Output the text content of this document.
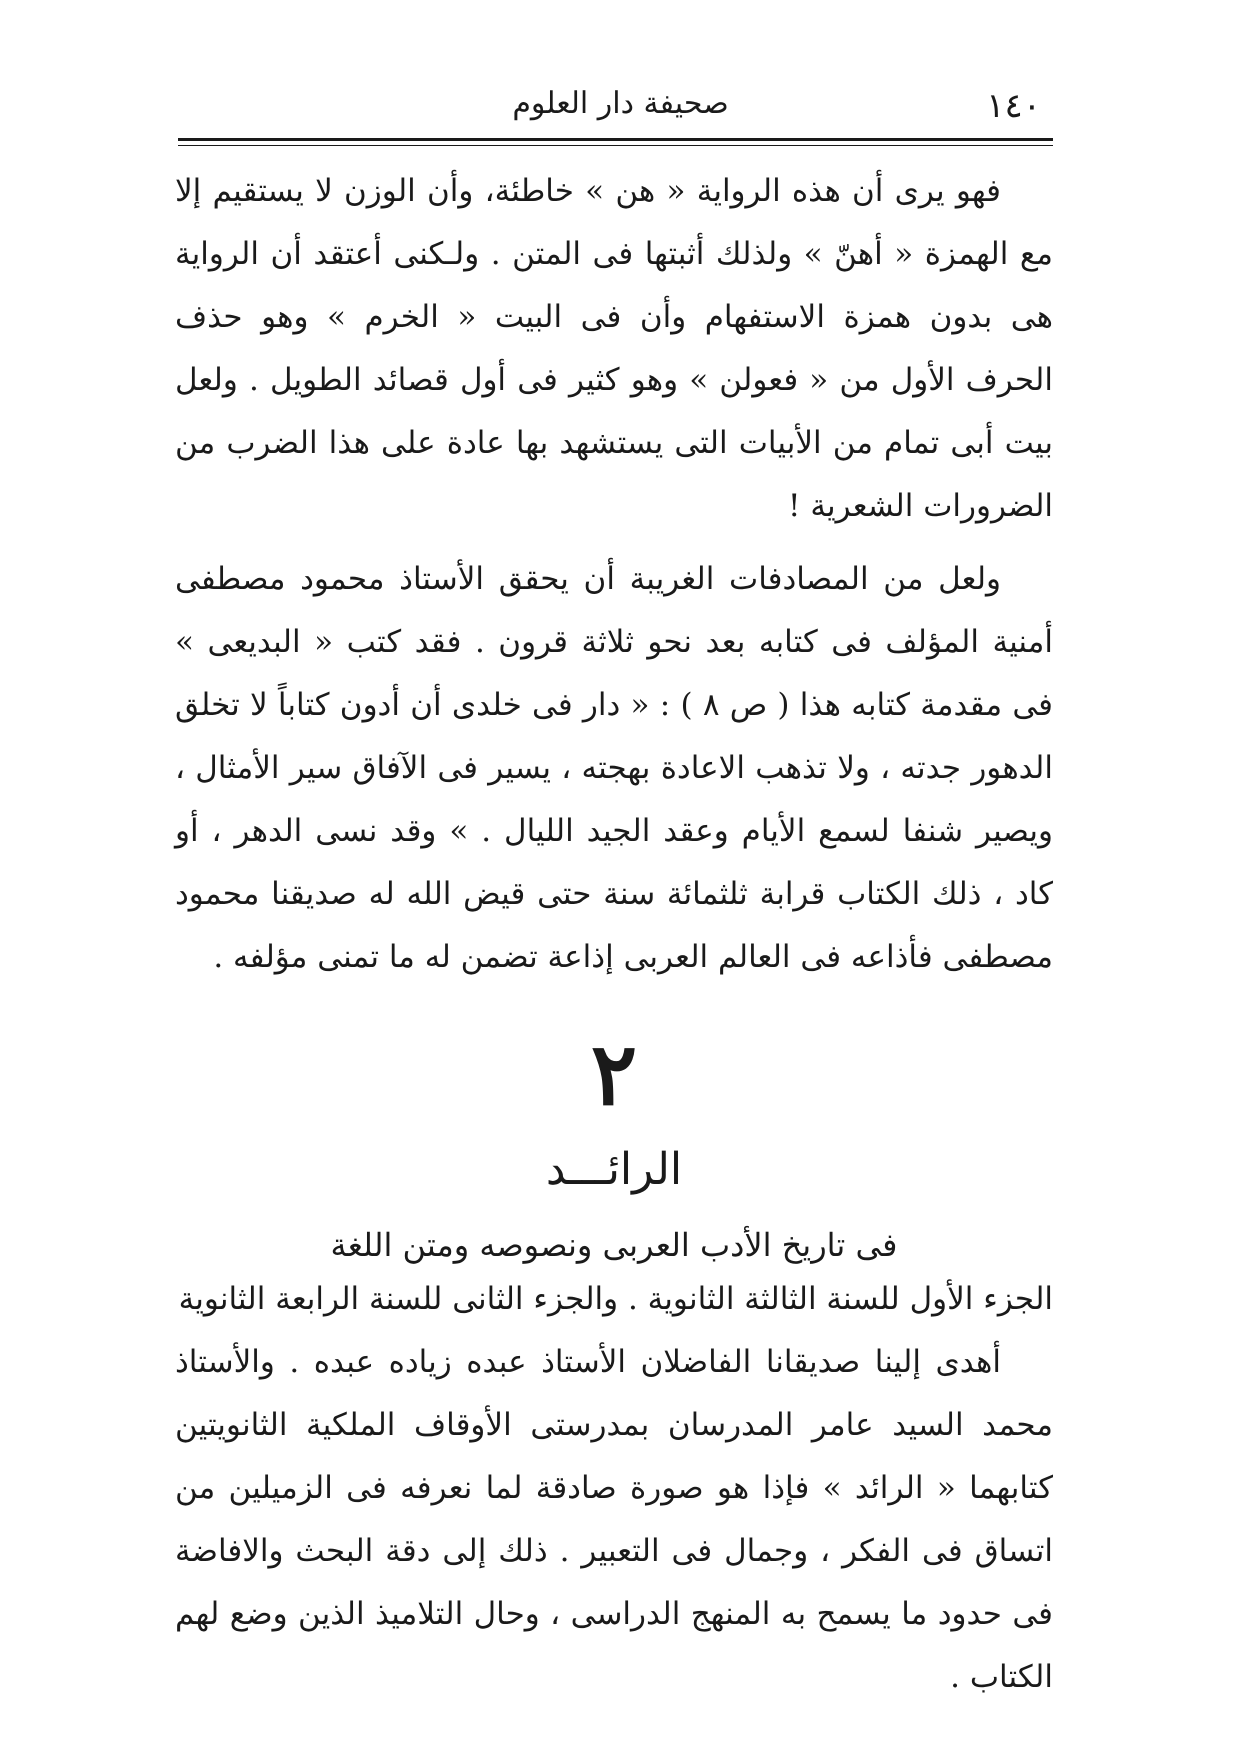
١٤٠
صحيفة دار العلوم

فهو يرى أن هذه الرواية « هن » خاطئة، وأن الوزن لا يستقيم إلا مع الهمزة « أهنّ » ولذلك أثبتها فى المتن . ولـكنى أعتقد أن الرواية هى بدون همزة الاستفهام وأن فى البيت « الخرم » وهو حذف الحرف الأول من « فعولن » وهو كثير فى أول قصائد الطويل . ولعل بيت أبى تمام من الأبيات التى يستشهد بها عادة على هذا الضرب من الضرورات الشعرية !

ولعل من المصادفات الغريبة أن يحقق الأستاذ محمود مصطفى أمنية المؤلف فى كتابه بعد نحو ثلاثة قرون . فقد كتب « البديعى » فى مقدمة كتابه هذا ( ص ٨ ) : « دار فى خلدى أن أدون كتاباً لا تخلق الدهور جدته ، ولا تذهب الاعادة بهجته ، يسير فى الآفاق سير الأمثال ، ويصير شنفا لسمع الأيام وعقد الجيد الليال . » وقد نسى الدهر ، أو كاد ، ذلك الكتاب قرابة ثلثمائة سنة حتى قيض الله له صديقنا محمود مصطفى فأذاعه فى العالم العربى إذاعة تضمن له ما تمنى مؤلفه .

٢

الرائـــد

فى تاريخ الأدب العربى ونصوصه ومتن اللغة

الجزء الأول للسنة الثالثة الثانوية . والجزء الثانى للسنة الرابعة الثانوية

أهدى إلينا صديقانا الفاضلان الأستاذ عبده زياده عبده . والأستاذ محمد السيد عامر المدرسان بمدرستى الأوقاف الملكية الثانويتين كتابهما « الرائد » فإذا هو صورة صادقة لما نعرفه فى الزميلين من اتساق فى الفكر ، وجمال فى التعبير . ذلك إلى دقة البحث والافاضة فى حدود ما يسمح به المنهج الدراسى ، وحال التلاميذ الذين وضع لهم الكتاب .
